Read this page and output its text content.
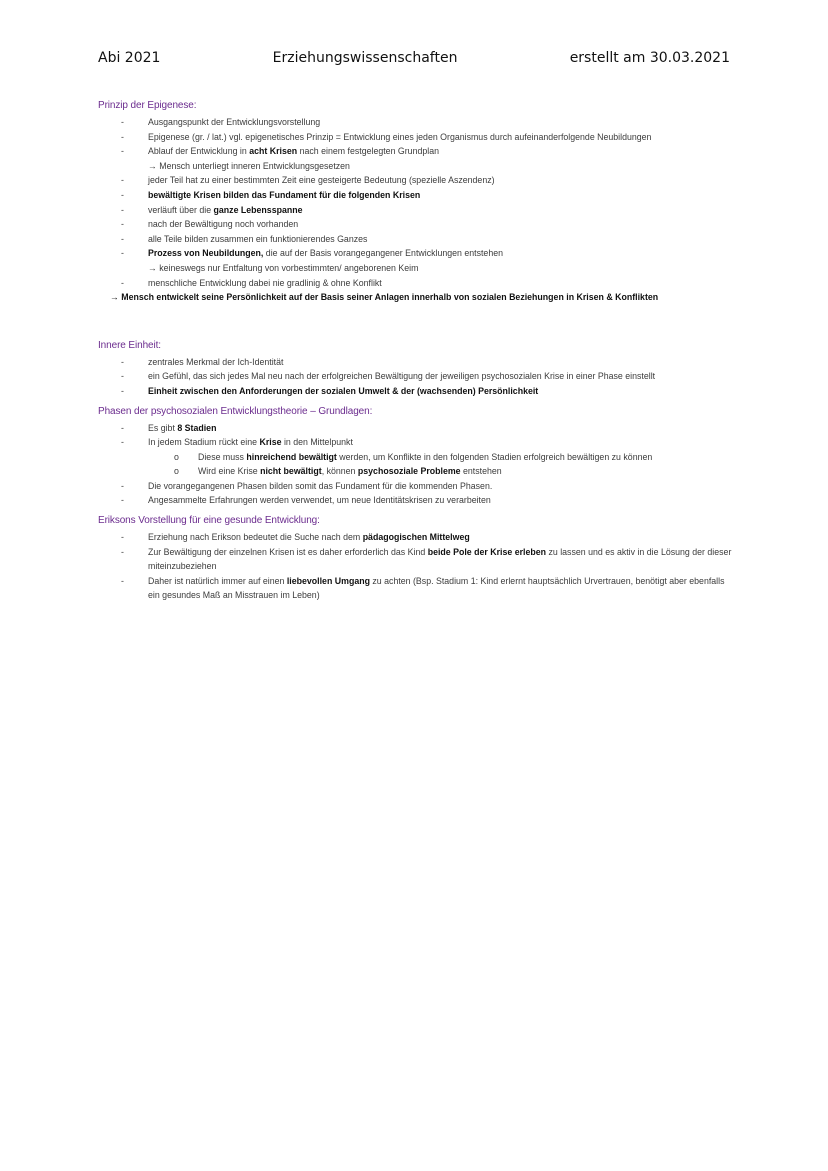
Abi 2021	Erziehungswissenschaften	erstellt am 30.03.2021
Prinzip der Epigenese:
-	Ausgangspunkt der Entwicklungsvorstellung
-	Epigenese (gr. / lat.) vgl. epigenetisches Prinzip = Entwicklung eines jeden Organismus durch aufeinanderfolgende Neubildungen
-	Ablauf der Entwicklung in acht Krisen nach einem festgelegten Grundplan
→ Mensch unterliegt inneren Entwicklungsgesetzen
-	jeder Teil hat zu einer bestimmten Zeit eine gesteigerte Bedeutung (spezielle Aszendenz)
-	bewältigte Krisen bilden das Fundament für die folgenden Krisen
-	verläuft über die ganze Lebensspanne
-	nach der Bewältigung noch vorhanden
-	alle Teile bilden zusammen ein funktionierendes Ganzes
-	Prozess von Neubildungen, die auf der Basis vorangegangener Entwicklungen entstehen
→ keineswegs nur Entfaltung von vorbestimmten/ angeborenen Keim
-	menschliche Entwicklung dabei nie gradlinig & ohne Konflikt
→ Mensch entwickelt seine Persönlichkeit auf der Basis seiner Anlagen innerhalb von sozialen Beziehungen in Krisen & Konflikten
Innere Einheit:
-	zentrales Merkmal der Ich-Identität
-	ein Gefühl, das sich jedes Mal neu nach der erfolgreichen Bewältigung der jeweiligen psychosozialen Krise in einer Phase einstellt
-	Einheit zwischen den Anforderungen der sozialen Umwelt & der (wachsenden) Persönlichkeit
Phasen der psychosozialen Entwicklungstheorie – Grundlagen:
-	Es gibt 8 Stadien
-	In jedem Stadium rückt eine Krise in den Mittelpunkt
o Diese muss hinreichend bewältigt werden, um Konflikte in den folgenden Stadien erfolgreich bewältigen zu können
o Wird eine Krise nicht bewältigt, können psychosoziale Probleme entstehen
-	Die vorangegangenen Phasen bilden somit das Fundament für die kommenden Phasen.
-	Angesammelte Erfahrungen werden verwendet, um neue Identitätskrisen zu verarbeiten
Eriksons Vorstellung für eine gesunde Entwicklung:
-	Erziehung nach Erikson bedeutet die Suche nach dem pädagogischen Mittelweg
-	Zur Bewältigung der einzelnen Krisen ist es daher erforderlich das Kind beide Pole der Krise erleben zu lassen und es aktiv in die Lösung der dieser
miteinzubeziehen
-	Daher ist natürlich immer auf einen liebevollen Umgang zu achten (Bsp. Stadium 1: Kind erlernt hauptsächlich Urvertrauen, benötigt aber ebenfalls
ein gesundes Maß an Misstrauen im Leben)
